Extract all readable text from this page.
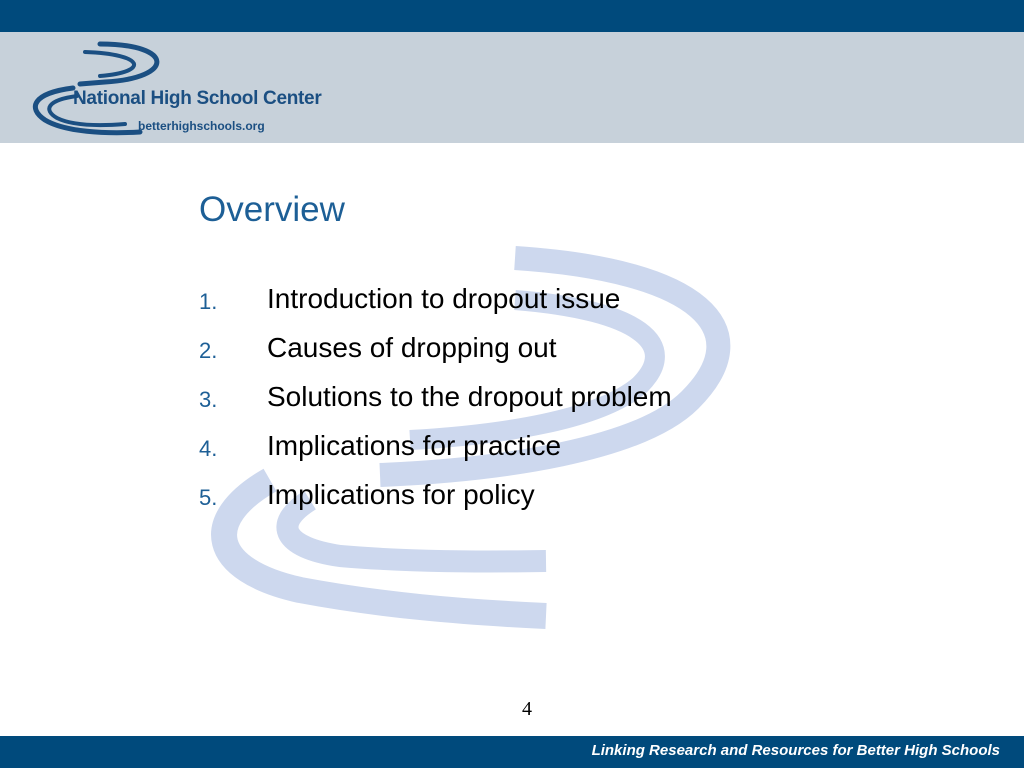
National High School Center
betterhighschools.org
Overview
1. Introduction to dropout issue
2. Causes of dropping out
3. Solutions to the dropout problem
4. Implications for practice
5. Implications for policy
4
Linking Research and Resources for Better High Schools
